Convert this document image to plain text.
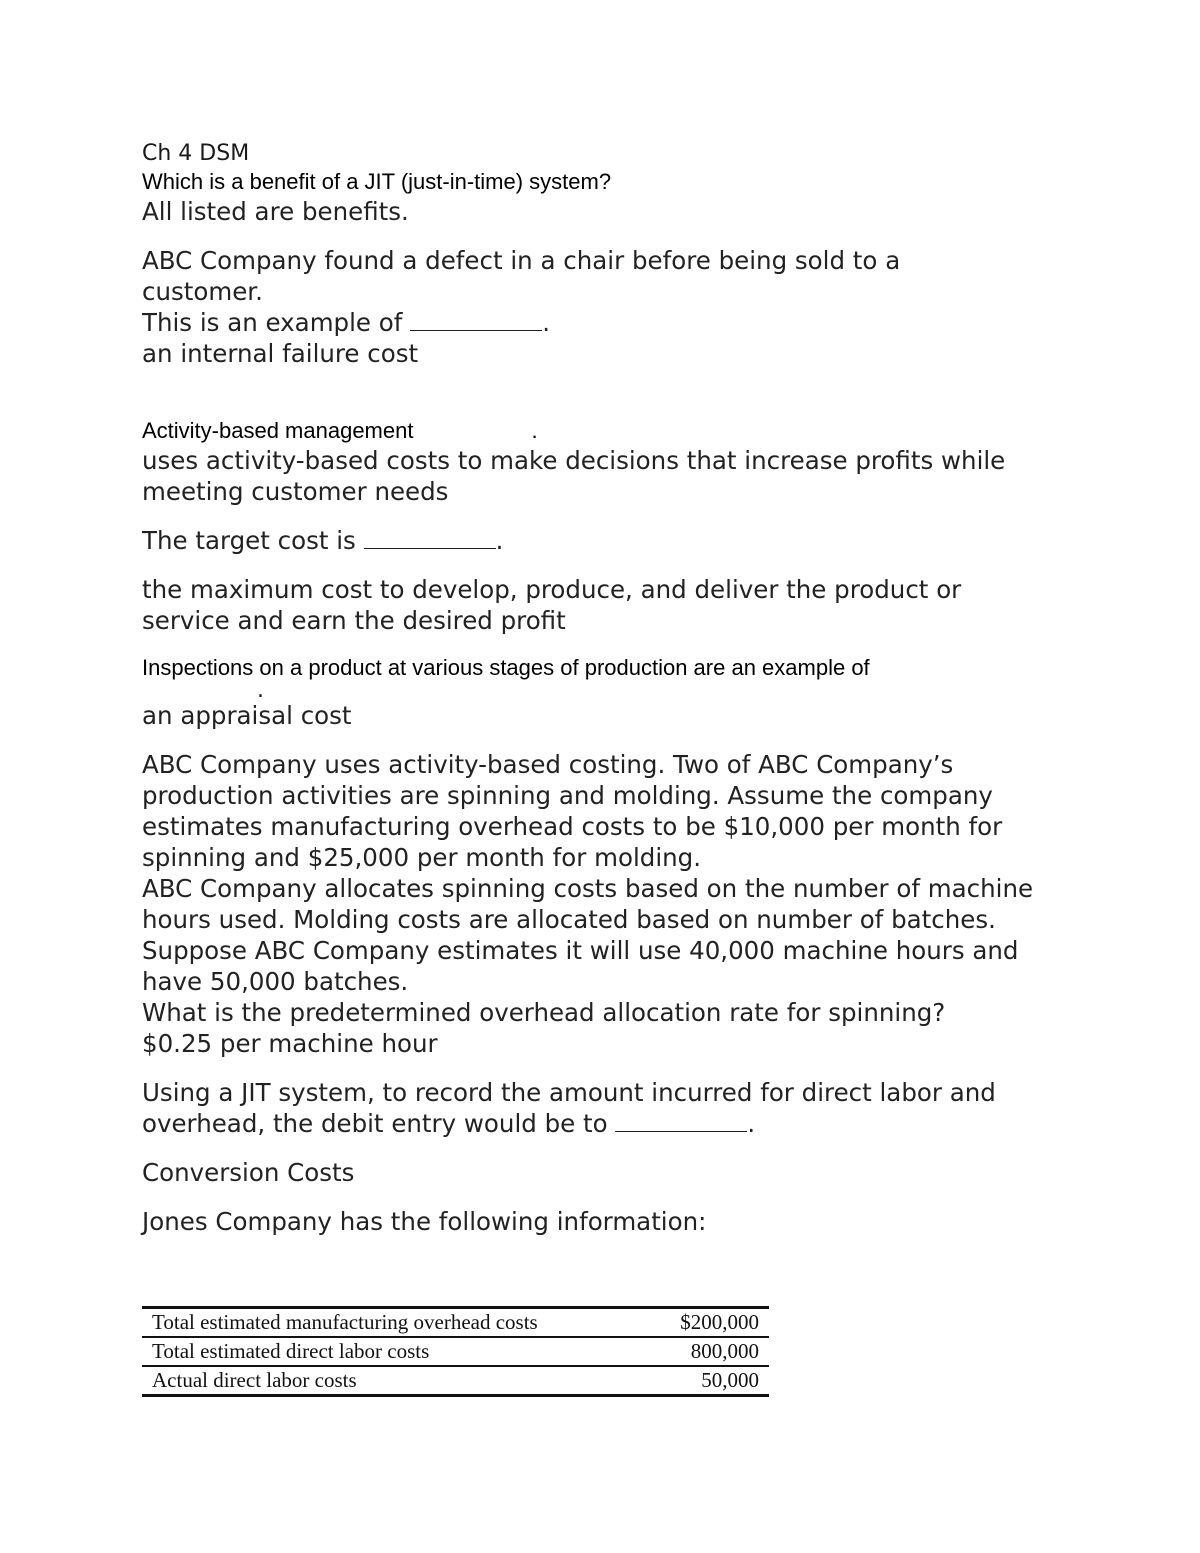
Ch 4 DSM

Which is a benefit of a JIT (just-in-time) system?

All listed are benefits.

ABC Company found a defect in a chair before being sold to a customer.

This is an example of	.

an internal failure cost

Activity-based management	.

uses activity-based costs to make decisions that increase profits while meeting customer needs

The target cost is	.

the maximum cost to develop, produce, and deliver the product or service and earn the desired profit

Inspections on a product at various stages of production are an example of

.

an appraisal cost

ABC Company uses activity-based costing. Two of ABC Company’s production activities are spinning and molding. Assume the company estimates manufacturing overhead costs to be $10,000 per month for spinning and $25,000 per month for molding.

ABC Company allocates spinning costs based on the number of machine hours used. Molding costs are allocated based on number of batches. Suppose ABC Company estimates it will use 40,000 machine hours and have 50,000 batches.

What is the predetermined overhead allocation rate for spinning?

$0.25 per machine hour

Using a JIT system, to record the amount incurred for direct labor and overhead, the debit entry would be to	.

Conversion Costs

Jones Company has the following information:

Total estimated manufacturing overhead costs	$200,000
Total estimated direct labor costs	800,000
Actual direct labor costs	50,000
